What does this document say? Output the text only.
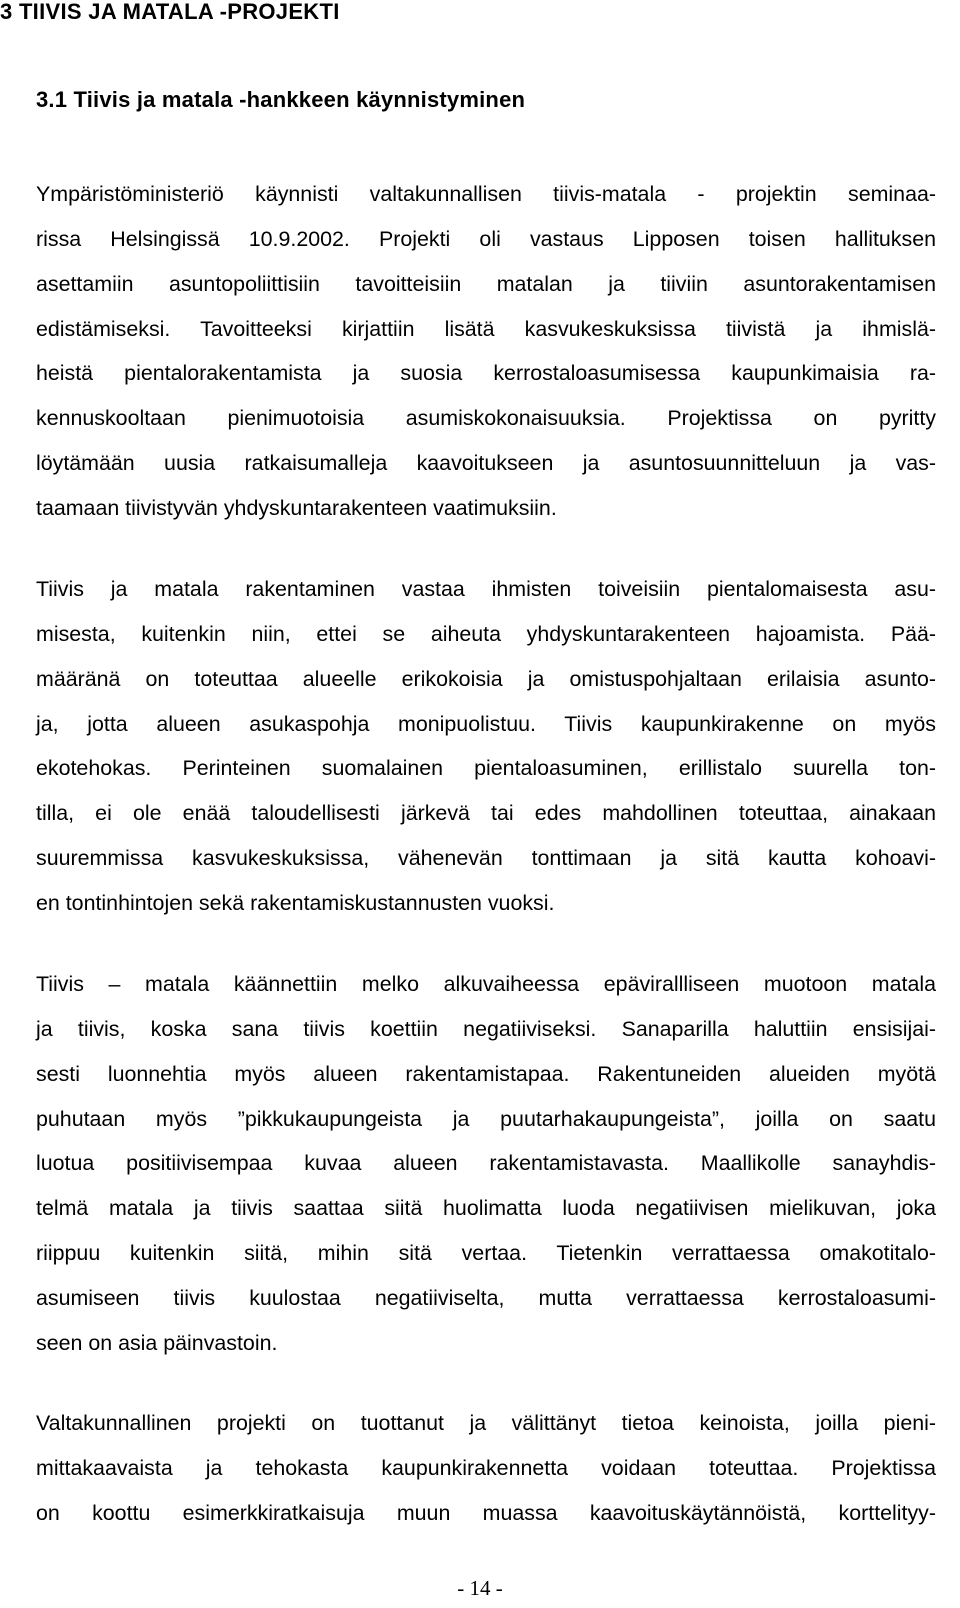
3 TIIVIS JA MATALA -PROJEKTI
3.1 Tiivis ja matala -hankkeen käynnistyminen

Ympäristöministeriö käynnisti valtakunnallisen tiivis-matala - projektin seminaa-
rissa Helsingissä 10.9.2002. Projekti oli vastaus Lipposen toisen hallituksen
asettamiin asuntopoliittisiin tavoitteisiin matalan ja tiiviin asuntorakentamisen
edistämiseksi. Tavoitteeksi kirjattiin lisätä kasvukeskuksissa tiivistä ja ihmislä-
heistä pientalorakentamista ja suosia kerrostaloasumisessa kaupunkimaisia ra-
kennuskooltaan pienimuotoisia asumiskokonaisuuksia. Projektissa on pyritty
löytämään uusia ratkaisumalleja kaavoitukseen ja asuntosuunnitteluun ja vas-
taamaan tiivistyvän yhdyskuntarakenteen vaatimuksiin.

Tiivis ja matala rakentaminen vastaa ihmisten toiveisiin pientalomaisesta asu-
misesta, kuitenkin niin, ettei se aiheuta yhdyskuntarakenteen hajoamista. Pää-
määränä on toteuttaa alueelle erikokoisia ja omistuspohjaltaan erilaisia asunto-
ja, jotta alueen asukaspohja monipuolistuu. Tiivis kaupunkirakenne on myös
ekotehokas. Perinteinen suomalainen pientaloasuminen, erillistalo suurella ton-
tilla, ei ole enää taloudellisesti järkevä tai edes mahdollinen toteuttaa, ainakaan
suuremmissa kasvukeskuksissa, vähenevän tonttimaan ja sitä kautta kohoavi-
en tontinhintojen sekä rakentamiskustannusten vuoksi.

Tiivis – matala käännettiin melko alkuvaiheessa epävirallliseen muotoon matala
ja tiivis, koska sana tiivis koettiin negatiiviseksi. Sanaparilla haluttiin ensisijai-
sesti luonnehtia myös alueen rakentamistapaa. Rakentuneiden alueiden myötä
puhutaan myös ”pikkukaupungeista ja puutarhakaupungeista”, joilla on saatu
luotua positiivisempaa kuvaa alueen rakentamistavasta. Maallikolle sanayhdis-
telmä matala ja tiivis saattaa siitä huolimatta luoda negatiivisen mielikuvan, joka
riippuu kuitenkin siitä, mihin sitä vertaa. Tietenkin verrattaessa omakotitalo-
asumiseen tiivis kuulostaa negatiiviselta, mutta verrattaessa kerrostaloasumi-
seen on asia päinvastoin.

Valtakunnallinen projekti on tuottanut ja välittänyt tietoa keinoista, joilla pieni-
mittakaavaista ja tehokasta kaupunkirakennetta voidaan toteuttaa. Projektissa
on koottu esimerkkiratkaisuja muun muassa kaavoituskäytännöistä, korttelityy-

- 14 -
